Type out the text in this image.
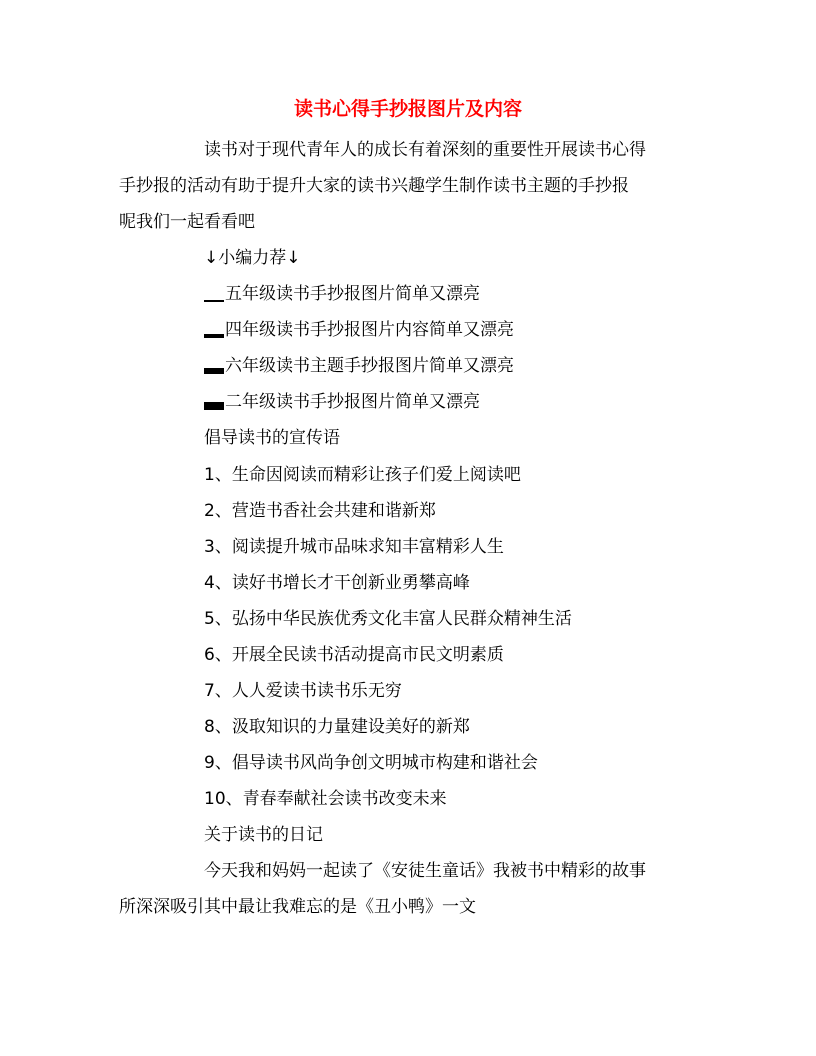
读书心得手抄报图片及内容
读书对于现代青年人的成长有着深刻的重要性开展读书心得
手抄报的活动有助于提升大家的读书兴趣学生制作读书主题的手抄报
呢我们一起看看吧
↓小编力荐↓
五年级读书手抄报图片简单又漂亮
四年级读书手抄报图片内容简单又漂亮
六年级读书主题手抄报图片简单又漂亮
二年级读书手抄报图片简单又漂亮
倡导读书的宣传语
1、生命因阅读而精彩让孩子们爱上阅读吧
2、营造书香社会共建和谐新郑
3、阅读提升城市品味求知丰富精彩人生
4、读好书增长才干创新业勇攀高峰
5、弘扬中华民族优秀文化丰富人民群众精神生活
6、开展全民读书活动提高市民文明素质
7、人人爱读书读书乐无穷
8、汲取知识的力量建设美好的新郑
9、倡导读书风尚争创文明城市构建和谐社会
10、青春奉献社会读书改变未来
关于读书的日记
今天我和妈妈一起读了《安徒生童话》我被书中精彩的故事
所深深吸引其中最让我难忘的是《丑小鸭》一文
